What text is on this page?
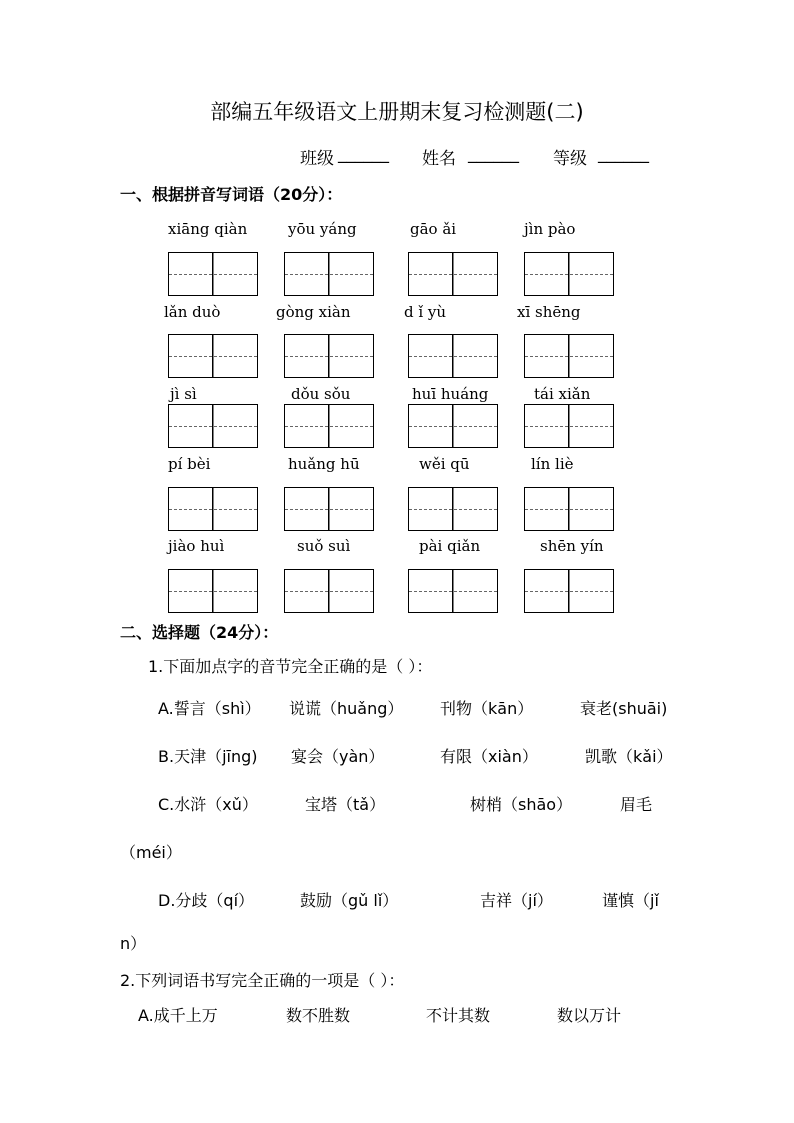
部编五年级语文上册期末复习检测题(二)
班级 ______ 姓名 ______ 等级 ______
一、根据拼音写词语（20分）：
xiāng qiàn	yōu yáng	gāo ǎi	jìn pào
lǎn duò	gòng xiàn	d ǐ yù	xī shēng
jì sì	dǒu sǒu	huī huáng	tái xiǎn
pí bèi	huǎng hū	wěi qū	lín liè
jiào huì	suǒ suì	pài qiǎn	shēn yín
二、选择题（24分）：
1.下面加点字的音节完全正确的是（ ）：
A.誓言（shì） 说谎（huǎng） 刊物（kān）	衰老(shuāi)
B.天津（jīng) 宴会（yàn）	有限（xiàn）	凯歌（kǎi）
C.水浒（xǔ）	宝塔（tǎ）	树梢（shāo）	眉毛
（méi）
D.分歧（qí）	鼓励（gǔ lǐ）	吉祥（jí）	谨慎（jǐ
n）
2.下列词语书写完全正确的一项是（ ）：
A.成千上万	数不胜数	不计其数	数以万计
